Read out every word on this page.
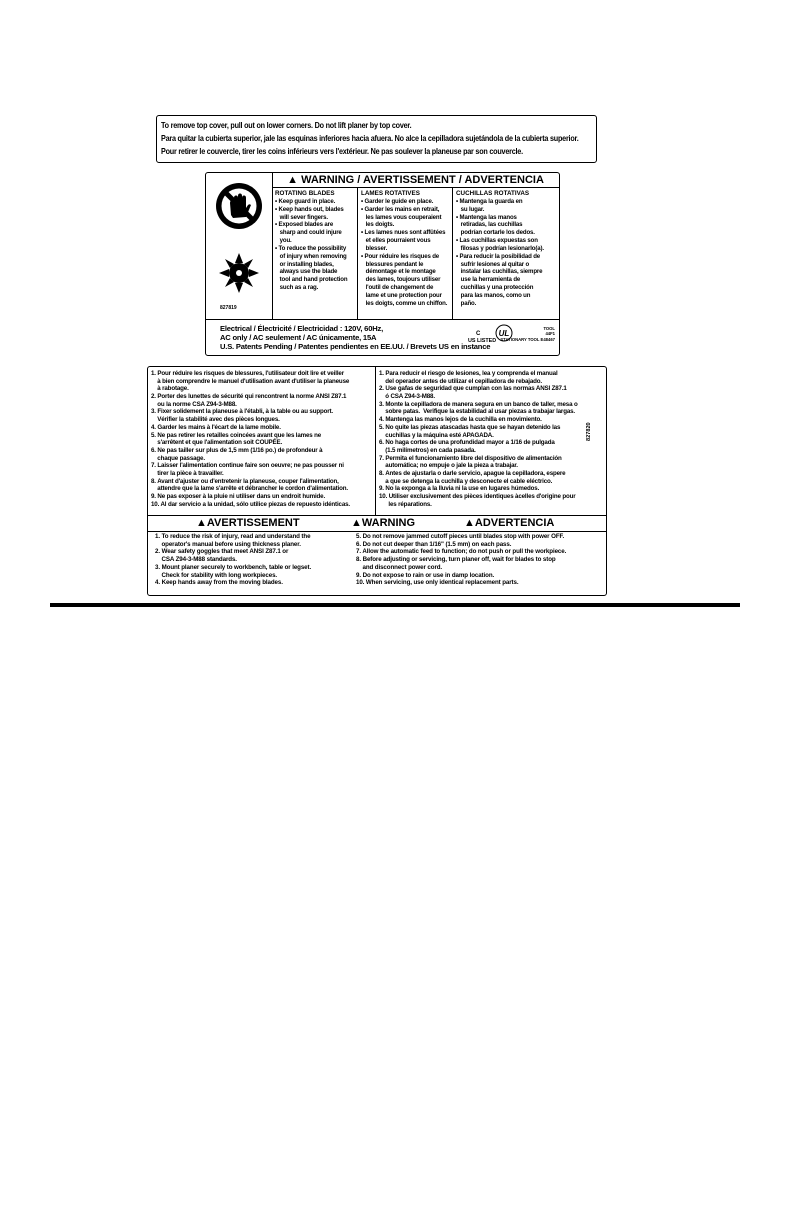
To remove top cover, pull out on lower corners. Do not lift planer by top cover.
Para quitar la cubierta superior, jale las esquinas inferiores hacia afuera. No alce la cepilladora sujetándola de la cubierta superior.
Pour retirer le couvercle, tirer les coins inférieurs vers l'extérieur. Ne pas soulever la planeuse par son couvercle.
827819
▲ WARNING / AVERTISSEMENT / ADVERTENCIA
ROTATING BLADES
• Keep guard in place.
• Keep hands out, blades
will sever fingers.
• Exposed blades are
sharp and could injure
you.
• To reduce the possibility
of injury when removing
or installing blades,
always use the blade
tool and hand protection
such as a rag.
LAMES ROTATIVES
• Garder le guide en place.
• Garder les mains en retrait,
les lames vous couperaient
les doigts.
• Les lames nues sont affûtées
et elles pourraient vous
blesser.
• Pour réduire les risques de
blessures pendant le
démontage et le montage
des lames, toujours utiliser
l'outil de changement de
lame et une protection pour
les doigts, comme un chiffon.
CUCHILLAS ROTATIVAS
• Mantenga la guarda en
su lugar.
• Mantenga las manos
retiradas, las cuchillas
podrían cortarle los dedos.
• Las cuchillas expuestas son
filosas y podrían lesionarlo(a).
• Para reducir la posibilidad de
sufrir lesiones al quitar o
instalar las cuchillas, siempre
use la herramienta de
cuchillas y una protección
para las manos, como un
paño.
Electrical / Électricité / Electricidad : 120V, 60Hz,
AC only / AC seulement / AC únicamente, 15A
U.S. Patents Pending / Patentes pendientes en EE.UU. / Brevets US en instance
C UL
US LISTED
TOOL
44F1
STATIONARY TOOL E48467
1. Pour réduire les risques de blessures, l'utilisateur doit lire et veiller
à bien comprendre le manuel d'utilisation avant d'utiliser la planeuse
à rabotage.
2. Porter des lunettes de sécurité qui rencontrent la norme ANSI Z87.1
ou la norme CSA Z94-3-M88.
3. Fixer solidement la planeuse à l'établi, à la table ou au support.
Vérifier la stabilité avec des pièces longues.
4. Garder les mains à l'écart de la lame mobile.
5. Ne pas retirer les retailles coincées avant que les lames ne
s'arrêtent et que l'alimentation soit COUPÉE.
6. Ne pas tailler sur plus de 1,5 mm (1/16 po.) de profondeur à
chaque passage.
7. Laisser l'alimentation continue faire son oeuvre; ne pas pousser ni
tirer la pièce à travailler.
8. Avant d'ajuster ou d'entretenir la planeuse, couper l'alimentation,
attendre que la lame s'arrête et débrancher le cordon d'alimentation.
9. Ne pas exposer à la pluie ni utiliser dans un endroit humide.
10. Al dar servicio a la unidad, sólo utilice piezas de repuesto idénticas.
1. Para reducir el riesgo de lesiones, lea y comprenda el manual
del operador antes de utilizar el cepilladora de rebajado.
2. Use gafas de seguridad que cumplan con las normas ANSI Z87.1
ó CSA Z94-3-M88.
3. Monte la cepilladora de manera segura en un banco de taller, mesa o
sobre patas.  Verifique la estabilidad al usar piezas a trabajar largas.
4. Mantenga las manos lejos de la cuchilla en movimiento.
5. No quite las piezas atascadas hasta que se hayan detenido las
cuchillas y la máquina esté APAGADA.
6. No haga cortes de una profundidad mayor a 1/16 de pulgada
(1.5 milímetros) en cada pasada.
7. Permita el funcionamiento libre del dispositivo de alimentación
automática; no empuje o jale la pieza a trabajar.
8. Antes de ajustarla o darle servicio, apague la cepilladora, espere
a que se detenga la cuchilla y desconecte el cable eléctrico.
9. No la exponga a la lluvia ni la use en lugares húmedos.
10. Utiliser exclusivement des pièces identiques àcelles d'origine pour
les réparations.
827820
▲ AVERTISSEMENT	▲ WARNING	▲ ADVERTENCIA
1. To reduce the risk of injury, read and understand the
operator's manual before using thickness planer.
2. Wear safety goggles that meet ANSI Z87.1 or
CSA Z94-3-M88 standards.
3. Mount planer securely to workbench, table or legset.
Check for stability with long workpieces.
4. Keep hands away from the moving blades.
5. Do not remove jammed cutoff pieces until blades stop with power OFF.
6. Do not cut deeper than 1/16" (1.5 mm) on each pass.
7. Allow the automatic feed to function; do not push or pull the workpiece.
8. Before adjusting or servicing, turn planer off, wait for blades to stop
and disconnect power cord.
9. Do not expose to rain or use in damp location.
10. When servicing, use only identical replacement parts.
